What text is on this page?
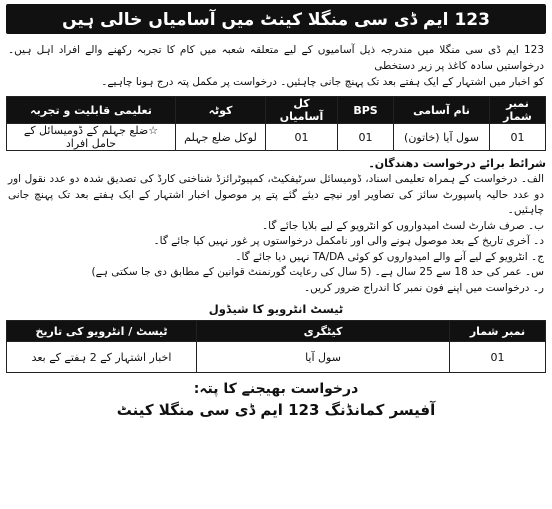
123 ایم ڈی سی منگلا کینٹ میں آسامیاں خالی ہیں

123 ایم ڈی سی منگلا میں مندرجہ ذیل آسامیوں کے لیے متعلقہ شعبہ میں کام کا تجربہ رکھنے والے افراد اہل ہیں۔ درخواستیں سادہ کاغذ پر زیر دستخطی

کو اخبار میں اشتہار کے ایک ہفتے بعد تک پہنچ جانی چاہئیں۔ درخواست پر مکمل پتہ درج ہونا چاہیے۔

نمبر شمار	نام آسامی	BPS	کل آسامیاں	کوٹہ	تعلیمی قابلیت و تجربہ
01	سول آیا (خاتون)	01	01	لوکل ضلع جہلم	☆ضلع جہلم کے ڈومیسائل کے حامل افراد
شرائط برائے درخواست دھندگان۔
الف۔ درخواست کے ہمراہ تعلیمی اسناد، ڈومیسائل سرٹیفکیٹ، کمپیوٹرائزڈ شناختی کارڈ کی تصدیق شدہ دو عدد نقول اور دو عدد حالیہ پاسپورٹ سائز کی تصاویر اور نیچے دیئے گئے پتے پر موصول اخبار اشتہار کے ایک ہفتے بعد تک پہنچ جانی چاہئیں۔
ب۔ صرف شارٹ لسٹ امیدواروں کو انٹرویو کے لیے بلایا جائے گا۔
د۔ آخری تاریخ کے بعد موصول ہونے والی اور نامکمل درخواستوں پر غور نہیں کیا جائے گا۔
ج۔ انٹرویو کے لیے آنے والے امیدواروں کو کوئی TA/DA نہیں دیا جائے گا۔
س۔ عمر کی حد 18 سے 25 سال ہے۔ (5 سال کی رعایت گورنمنٹ قوانین کے مطابق دی جا سکتی ہے)
ر۔ درخواست میں اپنے فون نمبر کا اندراج ضرور کریں۔
ٹیسٹ انٹرویو کا شیڈول
نمبر شمار	کیٹگری	ٹیسٹ / انٹرویو کی تاریخ
01	سول آیا	اخبار اشتہار کے 2 ہفتے کے بعد
درخواست بھیجنے کا پتہ:
آفیسر کمانڈنگ 123 ایم ڈی سی منگلا کینٹ
